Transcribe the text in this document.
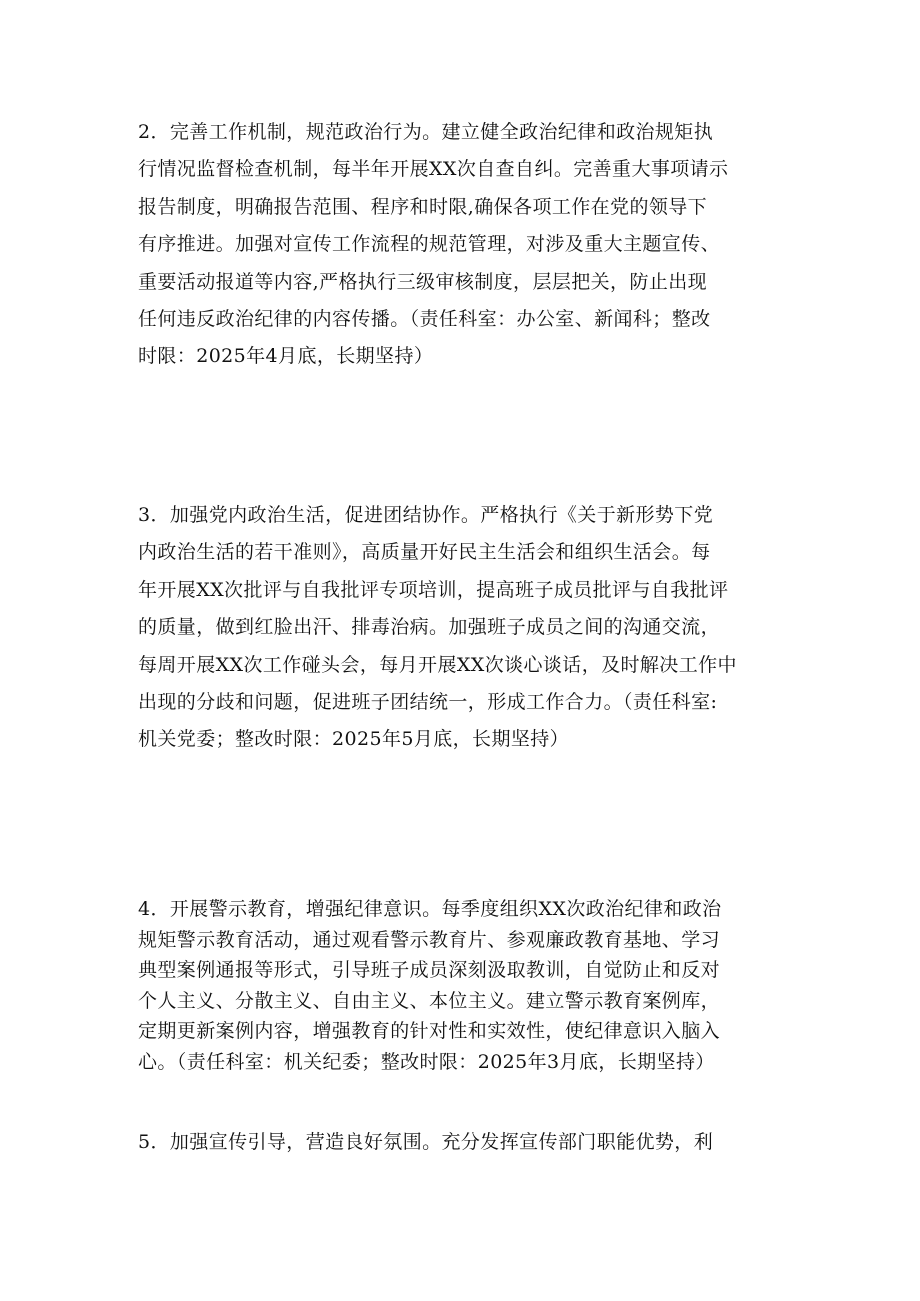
2．完善工作机制，规范政治行为。建立健全政治纪律和政治规矩执
行情况监督检查机制，每半年开展XX次自查自纠。完善重大事项请示
报告制度，明确报告范围、程序和时限,确保各项工作在党的领导下
有序推进。加强对宣传工作流程的规范管理，对涉及重大主题宣传、
重要活动报道等内容,严格执行三级审核制度，层层把关，防止出现
任何违反政治纪律的内容传播。（责任科室：办公室、新闻科；整改
时限：2025年4月底，长期坚持）
3．加强党内政治生活，促进团结协作。严格执行《关于新形势下党
内政治生活的若干准则》，高质量开好民主生活会和组织生活会。每
年开展XX次批评与自我批评专项培训，提高班子成员批评与自我批评
的质量，做到红脸出汗、排毒治病。加强班子成员之间的沟通交流，
每周开展XX次工作碰头会，每月开展XX次谈心谈话，及时解决工作中
出现的分歧和问题，促进班子团结统一，形成工作合力。（责任科室:
机关党委；整改时限：2025年5月底，长期坚持）
4．开展警示教育，增强纪律意识。每季度组织XX次政治纪律和政治
规矩警示教育活动，通过观看警示教育片、参观廉政教育基地、学习
典型案例通报等形式，引导班子成员深刻汲取教训，自觉防止和反对
个人主义、分散主义、自由主义、本位主义。建立警示教育案例库，
定期更新案例内容，增强教育的针对性和实效性，使纪律意识入脑入
心。（责任科室：机关纪委；整改时限：2025年3月底，长期坚持）
5．加强宣传引导，营造良好氛围。充分发挥宣传部门职能优势，利
